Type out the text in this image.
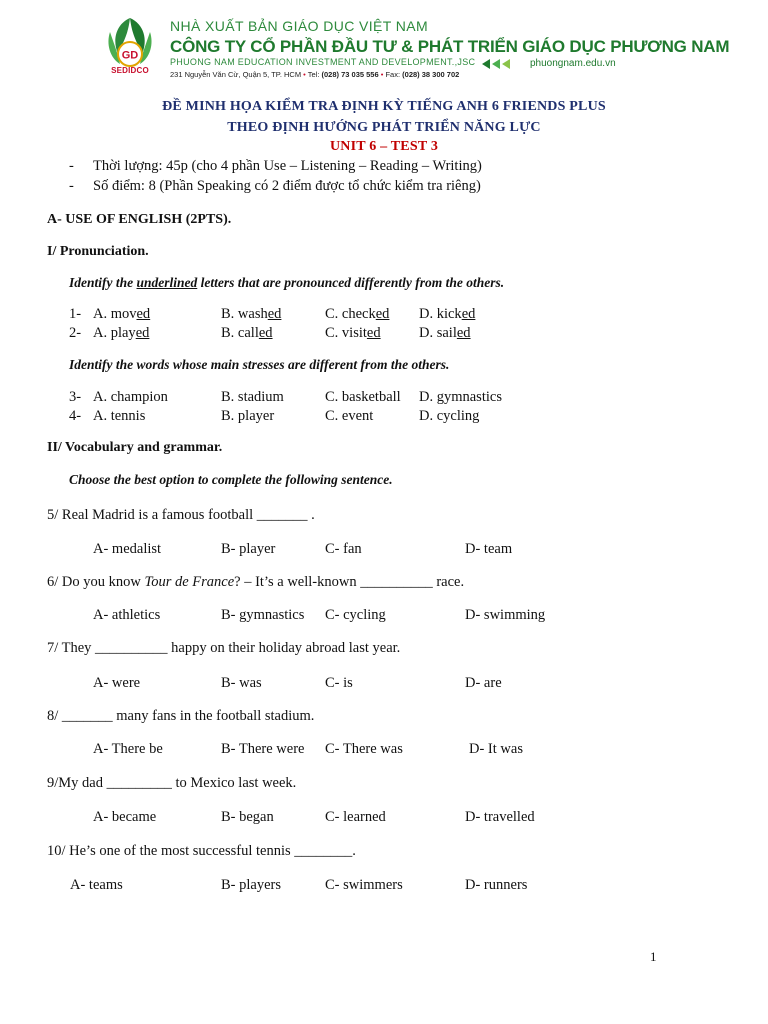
GD
SEDIDCO
NHÀ XUẤT BẢN GIÁO DỤC VIỆT NAM
CÔNG TY CỔ PHẦN ĐẦU TƯ & PHÁT TRIỂN GIÁO DỤC PHƯƠNG NAM
PHUONG NAM EDUCATION INVESTMENT AND DEVELOPMENT.,JSC
231 Nguyễn Văn Cừ, Quận 5, TP. HCM • Tel: (028) 73 035 556 • Fax: (028) 38 300 702
phuongnam.edu.vn
ĐỀ MINH HỌA KIỂM TRA ĐỊNH KỲ TIẾNG ANH 6 FRIENDS PLUS
THEO ĐỊNH HƯỚNG PHÁT TRIỂN NĂNG LỰC
UNIT 6 – TEST 3
- Thời lượng: 45p (cho 4 phần Use – Listening – Reading – Writing)
- Số điểm: 8 (Phần Speaking có 2 điểm được tổ chức kiểm tra riêng)
A- USE OF ENGLISH (2PTS).
I/ Pronunciation.
Identify the underlined letters that are pronounced differently from the others.
1- A. moved	B. washed	C. checked D. kicked
2- A. played	B. called	C. visited	D. sailed
Identify the words whose main stresses are different from the others.
3- A. champion	B. stadium	C. basketball D. gymnastics
4- A. tennis	B. player	C. event	D. cycling
II/ Vocabulary and grammar.
Choose the best option to complete the following sentence.
5/ Real Madrid is a famous football _______ .
A- medalist	B- player	C- fan	D- team
6/ Do you know Tour de France? – It’s a well-known __________ race.
A- athletics	B- gymnastics C- cycling	D- swimming
7/ They __________ happy on their holiday abroad last year.
A- were	B- was	C- is	D- are
8/ _______ many fans in the football stadium.
A- There be	B- There were C- There was	D- It was
9/My dad _________ to Mexico last week.
A- became	B- began	C- learned	D- travelled
10/ He’s one of the most successful tennis ________.
A- teams	B- players	C- swimmers	D- runners
1
